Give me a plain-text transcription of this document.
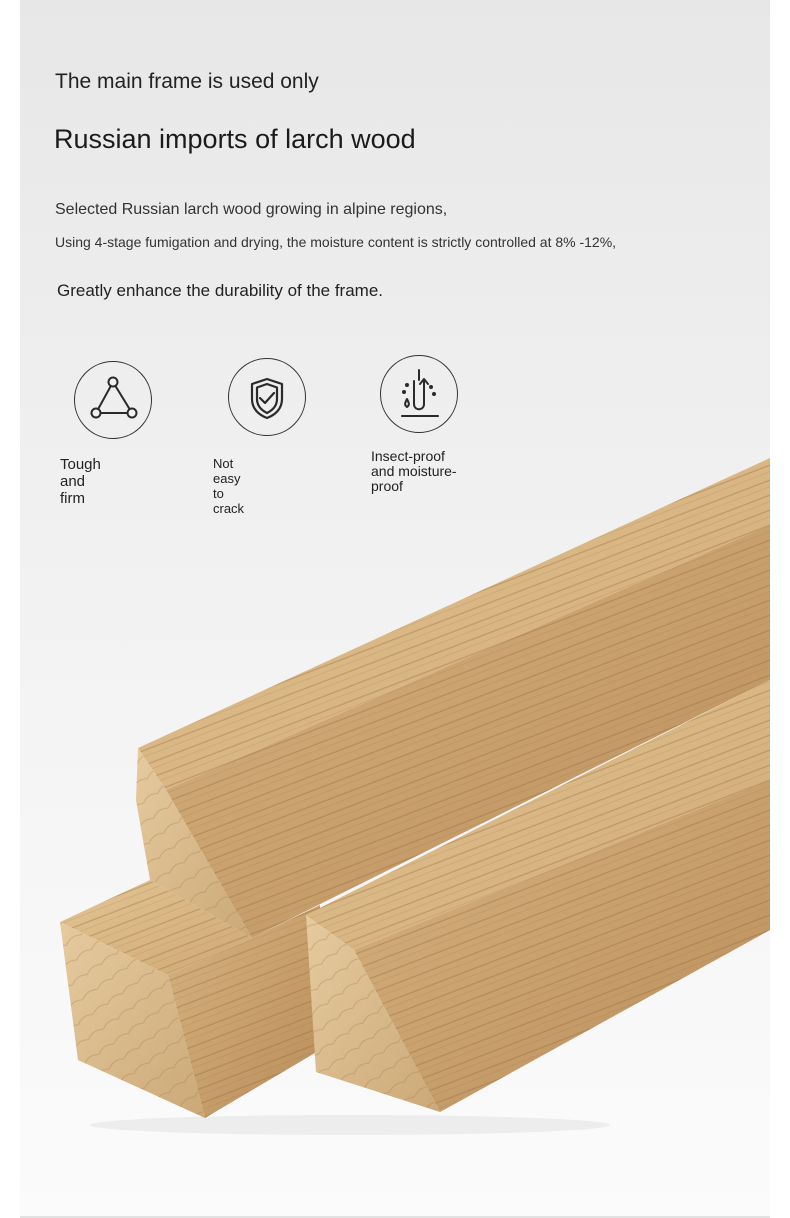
The main frame is used only
Russian imports of larch wood

Selected Russian larch wood growing in alpine regions,

Using 4-stage fumigation and drying, the moisture content is strictly controlled at 8% -12%,

Greatly enhance the durability of the frame.

Tough and firm
Not easy to crack
Insect-proof and moisture-proof
